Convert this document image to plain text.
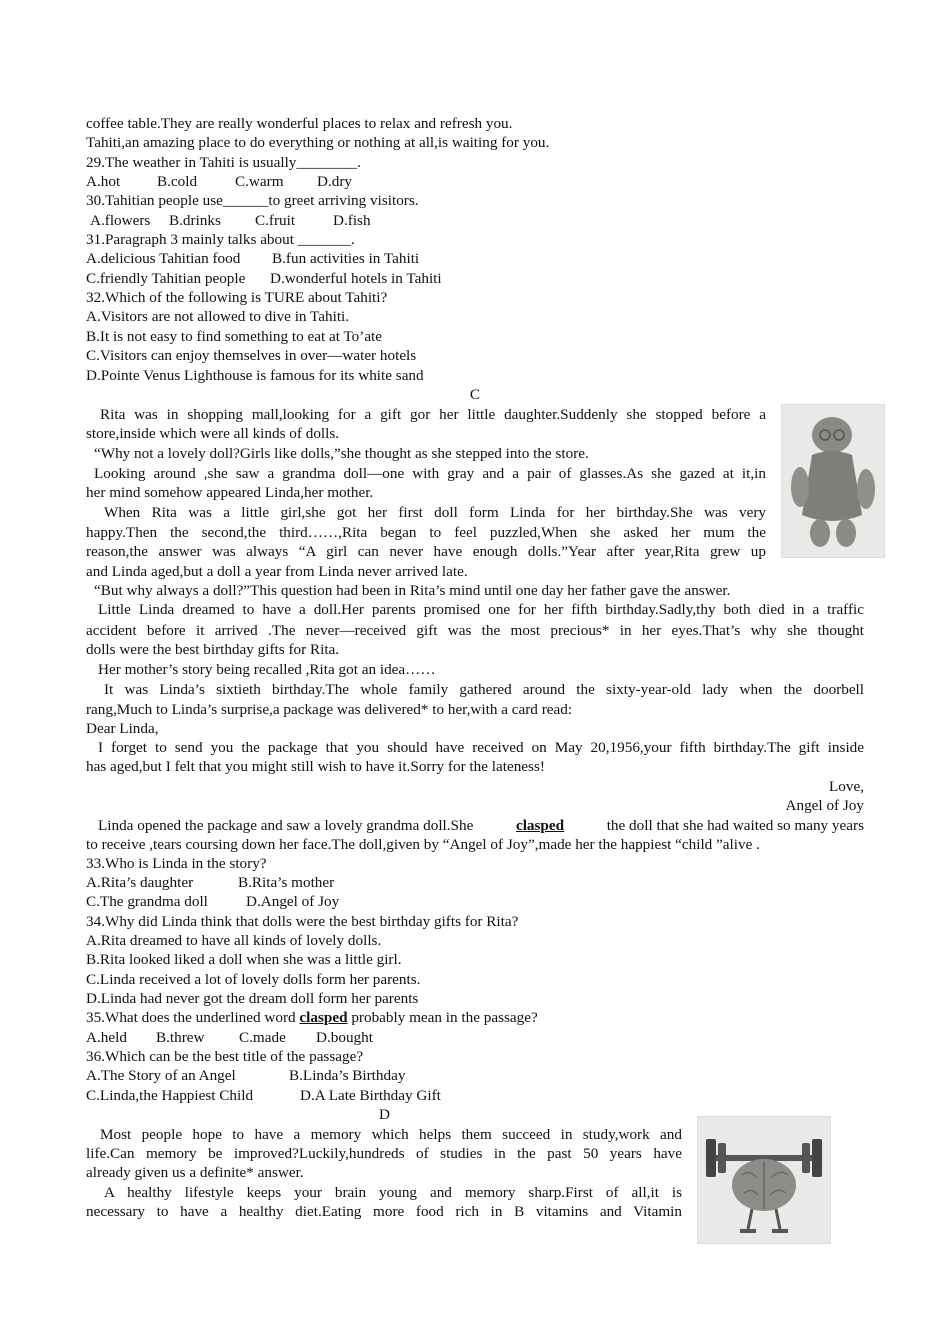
coffee table.They are really wonderful places to relax and refresh you.
Tahiti,an amazing place to do everything or nothing at all,is waiting for you.
29.The weather in Tahiti is usually________.
A.hot B.cold C.warm D.dry
30.Tahitian people use______to greet arriving visitors.
A.flowers B.drinks C.fruit D.fish
31.Paragraph 3 mainly talks about _______.
A.delicious Tahitian food B.fun activities in Tahiti
C.friendly Tahitian people D.wonderful hotels in Tahiti
32.Which of the following is TURE about Tahiti?
A.Visitors are not allowed to dive in Tahiti.
B.It is not easy to find something to eat at To’ate
C.Visitors can enjoy themselves in over—water hotels
D.Pointe Venus Lighthouse is famous for its white sand
C
Rita was in shopping mall,looking for a gift gor her little daughter.Suddenly she stopped before a
store,inside which were all kinds of dolls.
“Why not a lovely doll?Girls like dolls,”she thought as she stepped into the store.
Looking around ,she saw a grandma doll—one with gray and a pair of glasses.As she gazed at it,in
her mind somehow appeared Linda,her mother.
When Rita was a little girl,she got her first doll form Linda for her birthday.She was very
happy.Then the second,the third……,Rita began to feel puzzled,When she asked her mum the
reason,the answer was always “A girl can never have enough dolls.”Year after year,Rita grew up
and Linda aged,but a doll a year from Linda never arrived late.
“But why always a doll?”This question had been in Rita’s mind until one day her father gave the answer.
Little Linda dreamed to have a doll.Her parents promised one for her fifth birthday.Sadly,thy both died in a traffic
accident before it arrived .The never—received gift was the most precious* in her eyes.That’s why she thought
dolls were the best birthday gifts for Rita.
Her mother’s story being recalled ,Rita got an idea……
It was Linda’s sixtieth birthday.The whole family gathered around the sixty-year-old lady when the doorbell
rang,Much to Linda’s surprise,a package was delivered* to her,with a card read:
Dear Linda,
I forget to send you the package that you should have received on May 20,1956,your fifth birthday.The gift inside
has aged,but I felt that you might still wish to have it.Sorry for the lateness!
Love,
Angel of Joy
Linda opened the package and saw a lovely grandma doll.She	clasped	the doll that she had waited so many years
to receive ,tears coursing down her face.The doll,given by “Angel of Joy”,made her the happiest “child ”alive .
33.Who is Linda in the story?
A.Rita’s daughter	B.Rita’s mother
C.The grandma doll	D.Angel of Joy
34.Why did Linda think that dolls were the best birthday gifts for Rita?
A.Rita dreamed to have all kinds of lovely dolls.
B.Rita looked liked a doll when she was a little girl.
C.Linda received a lot of lovely dolls form her parents.
D.Linda had never got the dream doll form her parents
35.What does the underlined word clasped probably mean in the passage?
A.held B.threw C.made D.bought
36.Which can be the best title of the passage?
A.The Story of an Angel	B.Linda’s Birthday
C.Linda,the Happiest Child	D.A Late Birthday Gift
D
Most people hope to have a memory which helps them succeed in study,work and
life.Can memory be improved?Luckily,hundreds of studies in the past 50 years have
already given us a definite* answer.
A healthy lifestyle keeps your brain young and memory sharp.First of all,it is
necessary to have a healthy diet.Eating more food rich in B vitamins and Vitamin
